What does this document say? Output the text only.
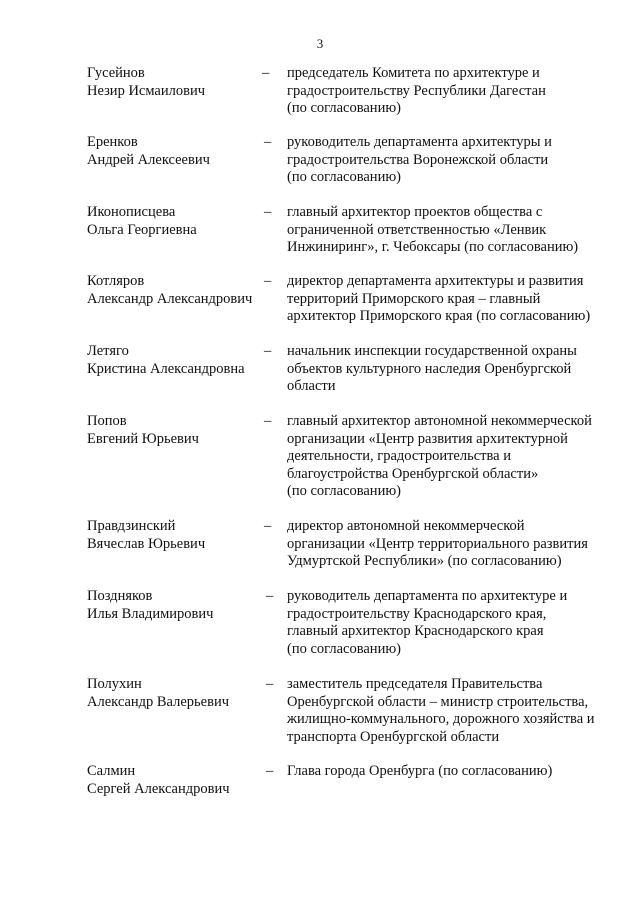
3
Гусейнов
Незир Исмаилович
– председатель Комитета по архитектуре и
градостроительству Республики Дагестан
(по согласованию)
Еренков
Андрей Алексеевич
– руководитель департамента архитектуры и
градостроительства Воронежской области
(по согласованию)
Иконописцева
Ольга Георгиевна
– главный архитектор проектов общества с
ограниченной ответственностью «Ленвик
Инжиниринг», г. Чебоксары (по согласованию)
Котляров
Александр Александрович
– директор департамента архитектуры и развития
территорий Приморского края – главный
архитектор Приморского края (по согласованию)
Летяго
Кристина Александровна
– начальник инспекции государственной охраны
объектов культурного наследия Оренбургской
области
Попов
Евгений Юрьевич
– главный архитектор автономной некоммерческой
организации «Центр развития архитектурной
деятельности, градостроительства и
благоустройства Оренбургской области»
(по согласованию)
Правдзинский
Вячеслав Юрьевич
– директор автономной некоммерческой
организации «Центр территориального развития
Удмуртской Республики» (по согласованию)
Поздняков
Илья Владимирович
– руководитель департамента по архитектуре и
градостроительству Краснодарского края,
главный архитектор Краснодарского края
(по согласованию)
Полухин
Александр Валерьевич
– заместитель председателя Правительства
Оренбургской области – министр строительства,
жилищно-коммунального, дорожного хозяйства и
транспорта Оренбургской области
Салмин
Сергей Александрович
– Глава города Оренбурга (по согласованию)
